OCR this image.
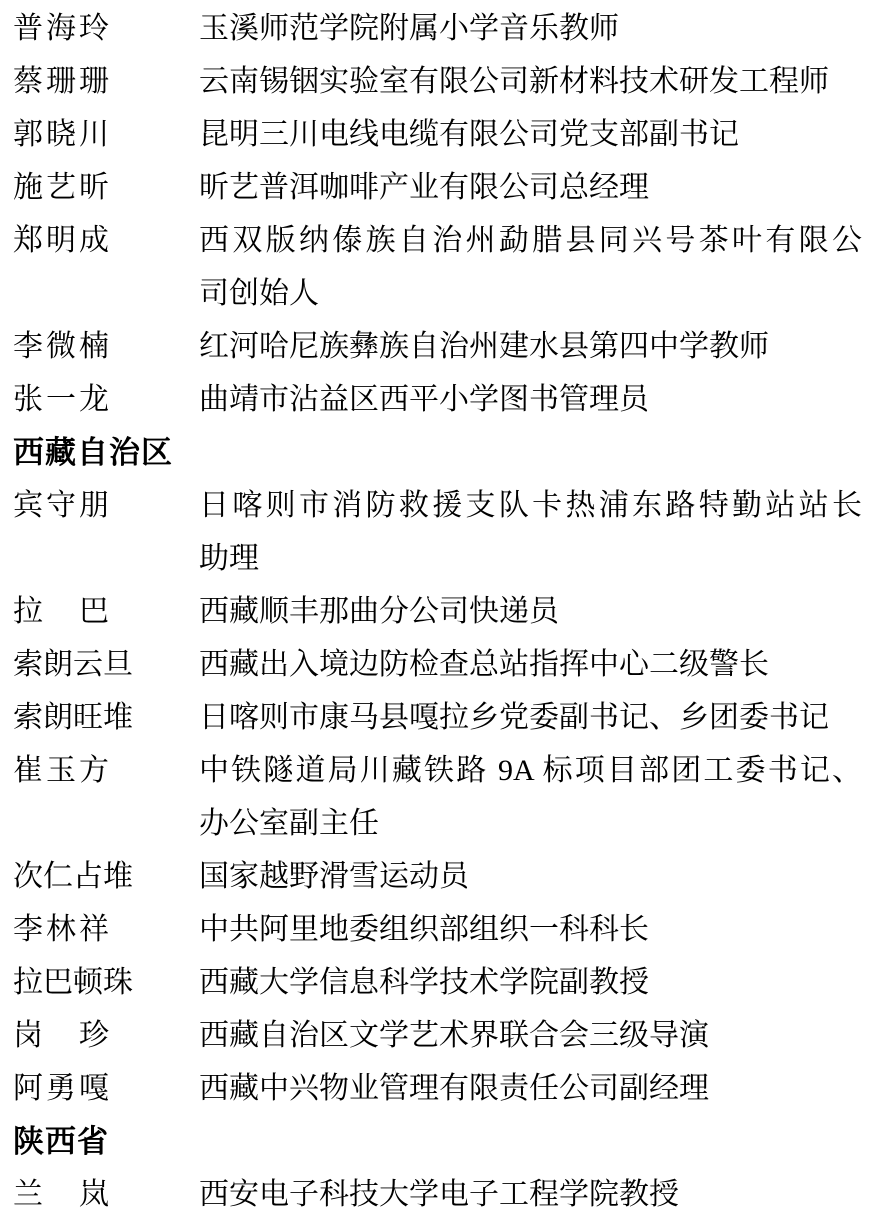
普海玲	玉溪师范学院附属小学音乐教师
蔡珊珊	云南锡铟实验室有限公司新材料技术研发工程师
郭晓川	昆明三川电线电缆有限公司党支部副书记
施艺昕	昕艺普洱咖啡产业有限公司总经理
郑明成	西双版纳傣族自治州勐腊县同兴号茶叶有限公
司创始人
李微楠	红河哈尼族彝族自治州建水县第四中学教师
张一龙	曲靖市沾益区西平小学图书管理员
西藏自治区
宾守朋	日喀则市消防救援支队卡热浦东路特勤站站长
助理
拉　巴	西藏顺丰那曲分公司快递员
索朗云旦	西藏出入境边防检查总站指挥中心二级警长
索朗旺堆	日喀则市康马县嘎拉乡党委副书记、乡团委书记
崔玉方	中铁隧道局川藏铁路 9A 标项目部团工委书记、
办公室副主任
次仁占堆	国家越野滑雪运动员
李林祥	中共阿里地委组织部组织一科科长
拉巴顿珠	西藏大学信息科学技术学院副教授
岗　珍	西藏自治区文学艺术界联合会三级导演
阿勇嘎	西藏中兴物业管理有限责任公司副经理
陕西省
兰　岚	西安电子科技大学电子工程学院教授
